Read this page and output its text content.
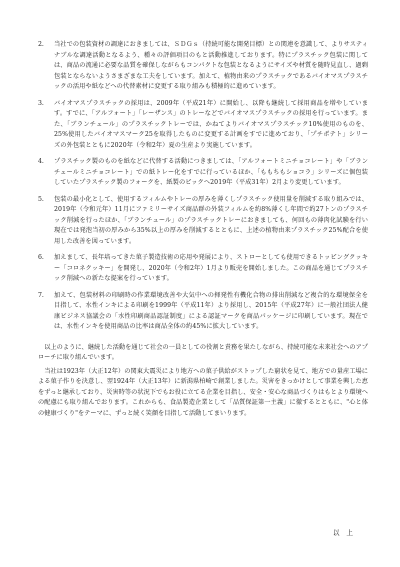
2.	当社での包装資材の調達におきましては、ＳＤＧｓ（持続可能な開発目標）との関連を意識して、よりサスティナブルな調達活動となるよう、種々の評価項目のもと活動推進しております。特にプラスチック包装に関しては、商品の流通に必要な品質を確保しながらもコンパクトな包装となるようにサイズや材質を随時見直し、過剰包装とならないようさまざまな工夫をしています。加えて、植物由来のプラスチックであるバイオマスプラスチックの活用や紙などへの代替素材に変更する取り組みも積極的に進めています。
3.	バイオマスプラスチックの採用は、2009年（平成21年）に開始し、以降も継続して採用商品を増やしています。すでに、「アルフォート」「レーザンス」のトレーなどでバイオマスプラスチックの採用を行っています。また、「ブランチュール」のプラスチックトレーでは、かねてよりバイオマスプラスチック10%使用のものを、25%使用したバイオマスマーク25を取得したものに変更する計画をすでに進めており、「プチポテト」シリーズの外包装とともに2020年（令和2年）夏の生産より実施しています。
4.	プラスチック製のものを紙などに代替する活動につきましては、「アルフォートミニチョコレート」や「ブランチュールミニチョコレート」での紙トレー化をすでに行っているほか、「ももちもショコラ」シリーズに個包装していたプラスチック製のフォークを、紙製のピックへ2019年（平成31年）2月より変更しています。
5.	包装の最小化として、使用するフィルムやトレーの厚みを薄くしプラスチック使用量を削減する取り組みでは、2019年（令和元年）11月にファミリーサイズ商品群の外装フィルムを約8%薄くし年間で約27トンのプラスチック削減を行ったほか、「ブランチュール」のプラスチックトレーにおきましても、何回もの薄肉化試験を行い現在では発泡当初の厚みから35%以上の厚みを削減するとともに、上述の植物由来プラスチック25%配合を使用した改善を図っています。
6.	加えまして、長年培ってきた菓子製造技術の応用や発展により、ストローとしても使用できるトッピングクッキー「コロネクッキー」を開発し、2020年（令和2年）1月より販売を開始しました。この商品を通じてプラスチック削減への新たな提案を行っています。
7.	加えて、包装材料の印刷時の作業環境改善や大気中への揮発性有機化合物の排出削減など複合的な環境保全を目指して、水性インキによる印刷を1999年（平成11年）より採用し、2015年（平成27年）に一般社団法人健康ビジネス協議会の「水性印刷商品認証制度」による認証マークを商品パッケージに印刷しています。現在では、水性インキを使用商品の比率は商品全体の約45%に拡大しています。

以上のように、継続した活動を通じて社会の一員としての役割と責務を果たしながら、持続可能な未来社会へのアプローチに取り組んでいます。

当社は1923年（大正12年）の関東大震災により地方への菓子供給がストップした窮状を見て、地方での量産工場による菓子作りを決意し、翌1924年（大正13年）に新潟県柏崎で創業しました。災害をきっかけとして事業を興した恵をずっと継承しており、災害時等の状況下でもお役に立てる企業を目指し、安全・安心な商品づくりはもとより環境への配慮にも取り組んでおります。これからも、食品製造企業として「品質保証第一主義」に徹するとともに、"心と体の健康づくり"をテーマに、ずっと続く笑顔を目指して活動してまいります。

以上
